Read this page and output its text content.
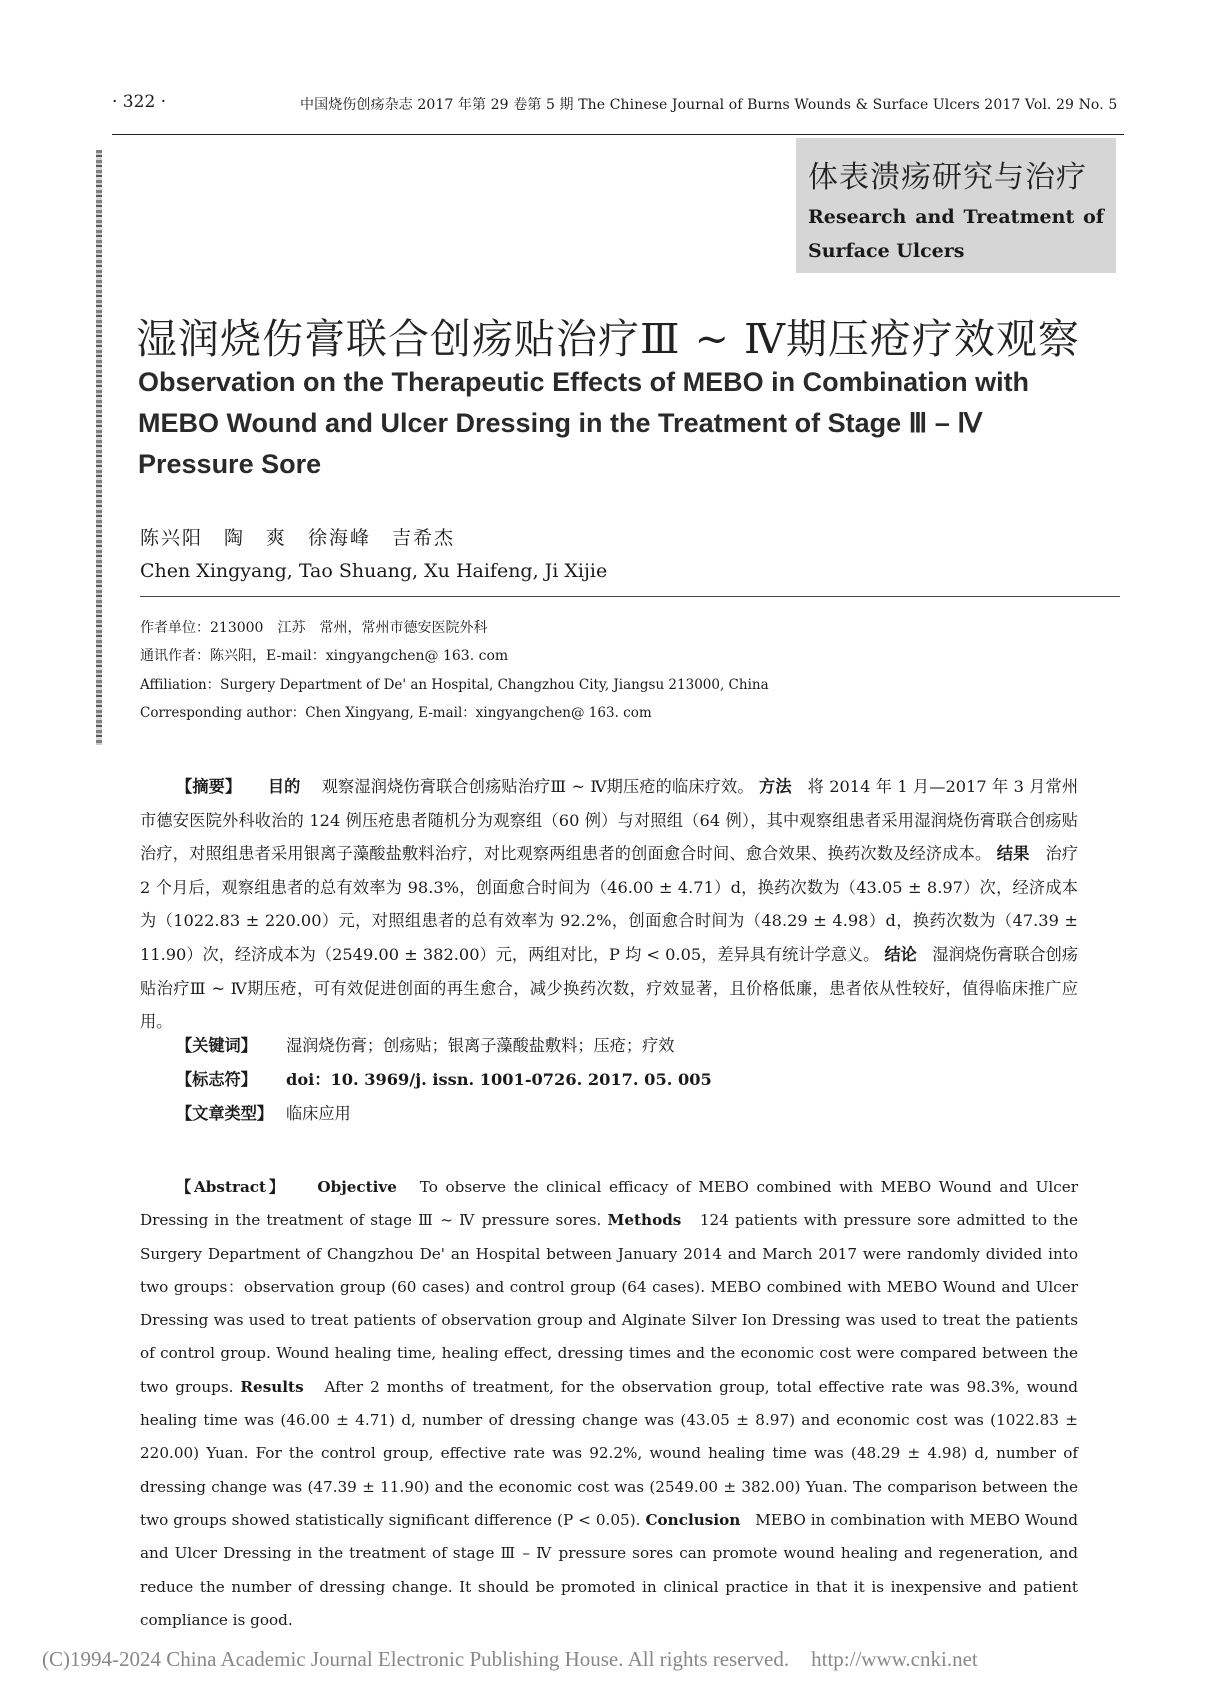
· 322 ·	中国烧伤创疡杂志 2017 年第 29 卷第 5 期 The Chinese Journal of Burns Wounds & Surface Ulcers 2017 Vol. 29 No. 5
体表溃疡研究与治疗
Research and Treatment of
Surface Ulcers
湿润烧伤膏联合创疡贴治疗Ⅲ ~ Ⅳ期压疮疗效观察
Observation on the Therapeutic Effects of MEBO in Combination with MEBO Wound and Ulcer Dressing in the Treatment of Stage Ⅲ – Ⅳ Pressure Sore
陈兴阳　陶　爽　徐海峰　吉希杰
Chen Xingyang, Tao Shuang, Xu Haifeng, Ji Xijie
作者单位：213000　江苏　常州，常州市德安医院外科
通讯作者：陈兴阳，E-mail：xingyangchen@ 163. com
Affiliation：Surgery Department of De' an Hospital, Changzhou City, Jiangsu 213000, China
Corresponding author：Chen Xingyang, E-mail：xingyangchen@ 163. com

【摘要】 目的 观察湿润烧伤膏联合创疡贴治疗Ⅲ ~ Ⅳ期压疮的临床疗效。 方法 将 2014 年 1 月—2017 年 3 月常州市德安医院外科收治的 124 例压疮患者随机分为观察组（60 例）与对照组（64 例），其中观察组患者采用湿润烧伤膏联合创疡贴治疗，对照组患者采用银离子藻酸盐敷料治疗，对比观察两组患者的创面愈合时间、愈合效果、换药次数及经济成本。 结果 治疗 2 个月后，观察组患者的总有效率为 98.3%，创面愈合时间为（46.00 ± 4.71）d，换药次数为（43.05 ± 8.97）次，经济成本为（1022.83 ± 220.00）元，对照组患者的总有效率为 92.2%，创面愈合时间为（48.29 ± 4.98）d，换药次数为（47.39 ± 11.90）次，经济成本为（2549.00 ± 382.00）元，两组对比，P 均 < 0.05，差异具有统计学意义。 结论 湿润烧伤膏联合创疡贴治疗Ⅲ ~ Ⅳ期压疮，可有效促进创面的再生愈合，减少换药次数，疗效显著，且价格低廉，患者依从性较好，值得临床推广应用。

【关键词】 湿润烧伤膏；创疡贴；银离子藻酸盐敷料；压疮；疗效
【标志符】 doi：10. 3969/j. issn. 1001-0726. 2017. 05. 005
【文章类型】 临床应用

【Abstract】 Objective To observe the clinical efficacy of MEBO combined with MEBO Wound and Ulcer Dressing in the treatment of stage Ⅲ ~ Ⅳ pressure sores. Methods 124 patients with pressure sore admitted to the Surgery Department of Changzhou De' an Hospital between January 2014 and March 2017 were randomly divided into two groups：observation group (60 cases) and control group (64 cases). MEBO combined with MEBO Wound and Ulcer Dressing was used to treat patients of observation group and Alginate Silver Ion Dressing was used to treat the patients of control group. Wound healing time, healing effect, dressing times and the economic cost were compared between the two groups. Results After 2 months of treatment, for the observation group, total effective rate was 98.3%, wound healing time was (46.00 ± 4.71) d, number of dressing change was (43.05 ± 8.97) and economic cost was (1022.83 ± 220.00) Yuan. For the control group, effective rate was 92.2%, wound healing time was (48.29 ± 4.98) d, number of dressing change was (47.39 ± 11.90) and the economic cost was (2549.00 ± 382.00) Yuan. The comparison between the two groups showed statistically significant difference (P < 0.05). Conclusion MEBO in combination with MEBO Wound and Ulcer Dressing in the treatment of stage Ⅲ – Ⅳ pressure sores can promote wound healing and regeneration, and reduce the number of dressing change. It should be promoted in clinical practice in that it is inexpensive and patient compliance is good.

(C)1994-2024 China Academic Journal Electronic Publishing House. All rights reserved. http://www.cnki.net
